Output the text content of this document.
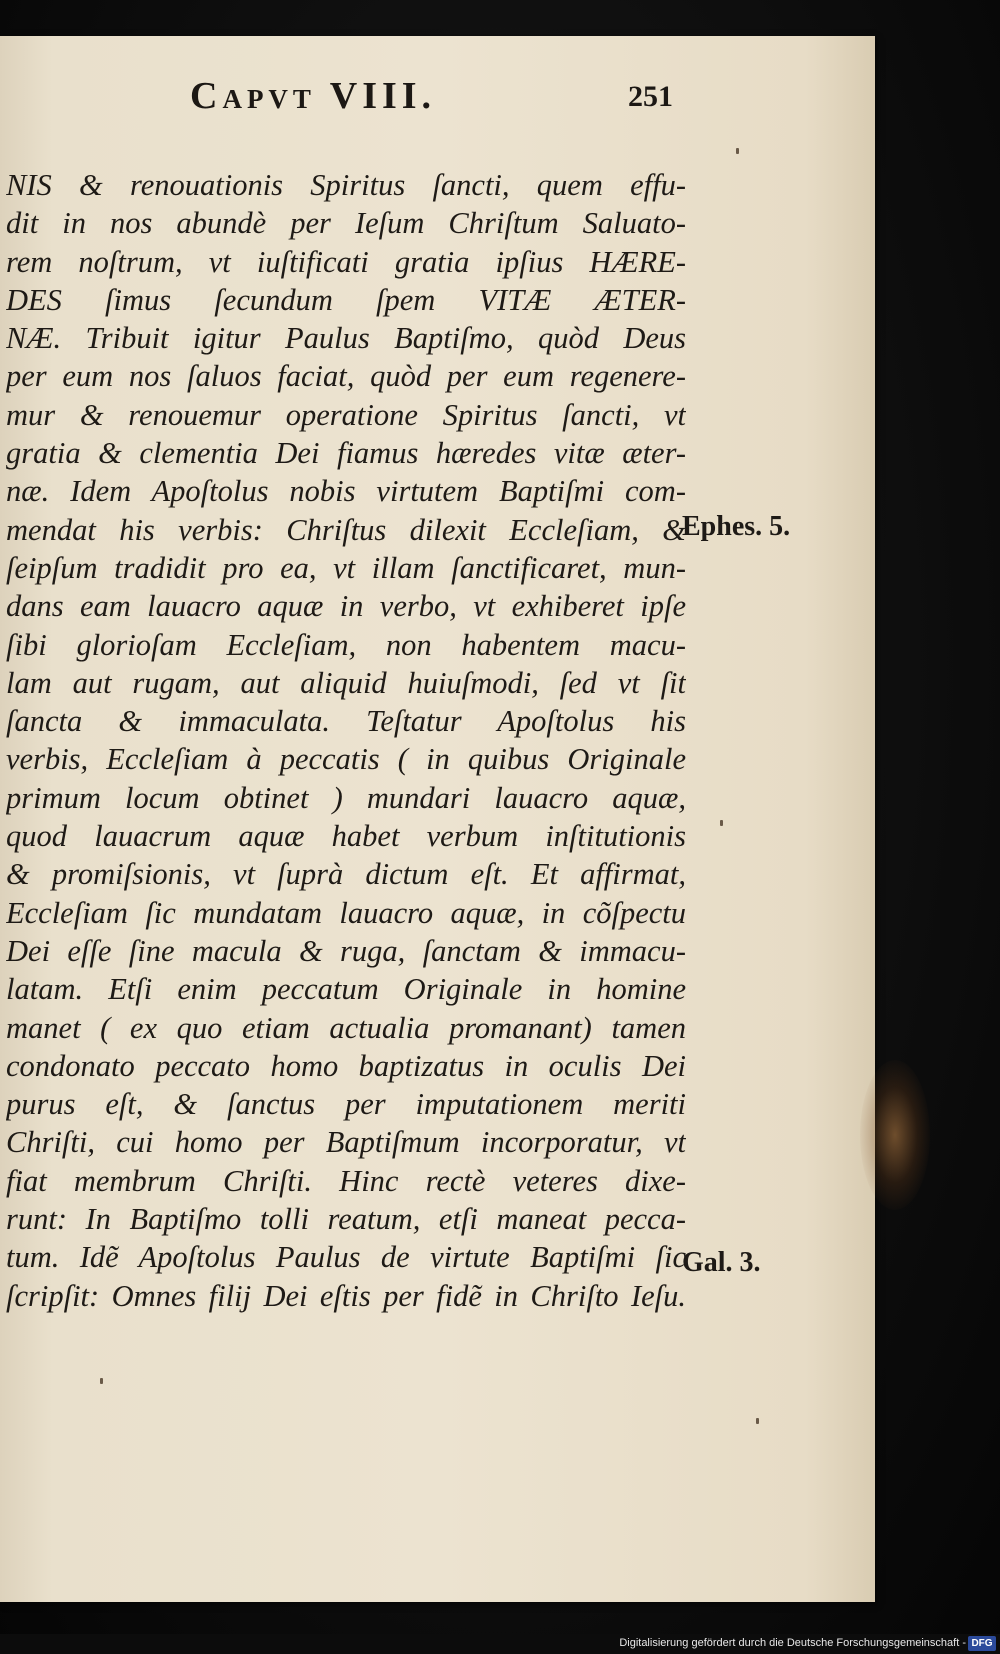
Capvt VIII.	251
NIS & renouationis Spiritus ſancti, quem effu-
dit in nos abundè per Ieſum Chriſtum Saluato-
rem noſtrum, vt iuſtificati gratia ipſius HÆRE-
DES ſimus ſecundum ſpem VITÆ ÆTER-
NÆ. Tribuit igitur Paulus Baptiſmo, quòd Deus
per eum nos ſaluos faciat, quòd per eum regenere-
mur & renouemur operatione Spiritus ſancti, vt
gratia & clementia Dei fiamus hæredes vitæ æter-
næ. Idem Apoſtolus nobis virtutem Baptiſmi com-
mendat his verbis: Chriſtus dilexit Eccleſiam, &
ſeipſum tradidit pro ea, vt illam ſanctificaret, mun-
dans eam lauacro aquæ in verbo, vt exhiberet ipſe
ſibi glorioſam Eccleſiam, non habentem macu-
lam aut rugam, aut aliquid huiuſmodi, ſed vt ſit
ſancta & immaculata. Teſtatur Apoſtolus his
verbis, Eccleſiam à peccatis ( in quibus Originale
primum locum obtinet ) mundari lauacro aquæ,
quod lauacrum aquæ habet verbum inſtitutionis
& promiſsionis, vt ſuprà dictum eſt. Et affirmat,
Eccleſiam ſic mundatam lauacro aquæ, in cõſpectu
Dei eſſe ſine macula & ruga, ſanctam & immacu-
latam. Etſi enim peccatum Originale in homine
manet ( ex quo etiam actualia promanant) tamen
condonato peccato homo baptizatus in oculis Dei
purus eſt, & ſanctus per imputationem meriti
Chriſti, cui homo per Baptiſmum incorporatur, vt
fiat membrum Chriſti. Hinc rectè veteres dixe-
runt: In Baptiſmo tolli reatum, etſi maneat pecca-
tum. Idẽ Apoſtolus Paulus de virtute Baptiſmi ſic
ſcripſit: Omnes filij Dei eſtis per fidẽ in Chriſto Ieſu.
Ephes. 5.
Gal. 3.
Digitalisierung gefördert durch die Deutsche Forschungsgemeinschaft - DFG
